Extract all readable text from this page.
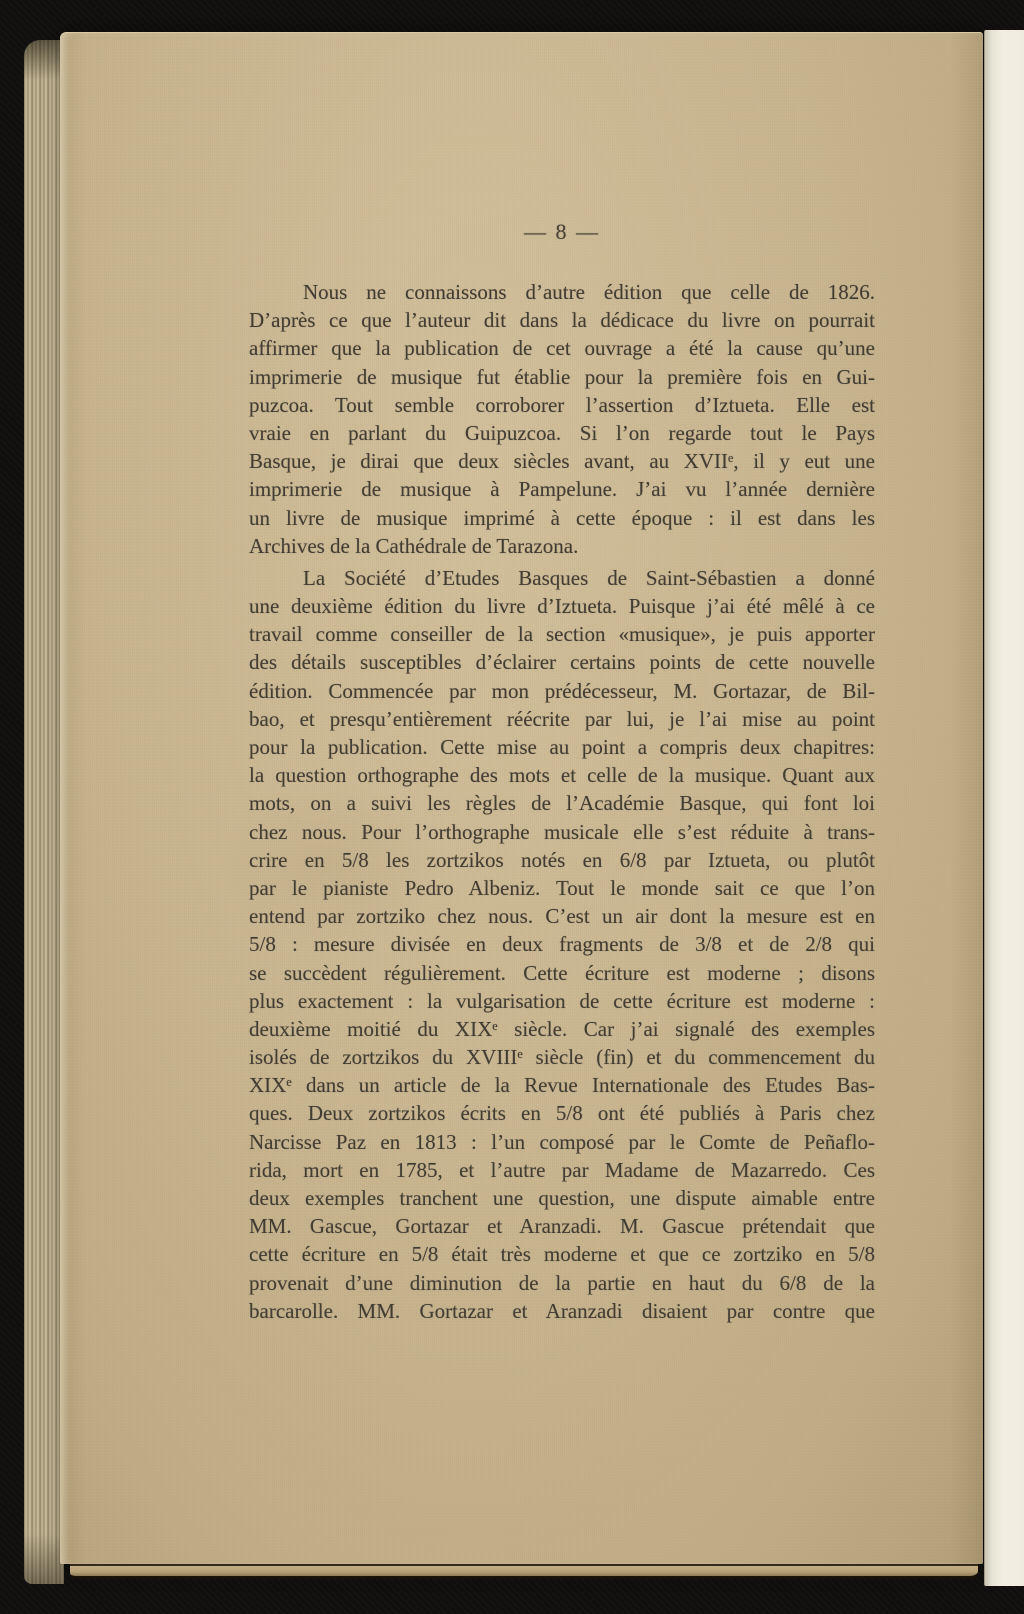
— 8 —
Nous ne connaissons d’autre édition que celle de 1826.
D’après ce que l’auteur dit dans la dédicace du livre on pourrait
affirmer que la publication de cet ouvrage a été la cause qu’une
imprimerie de musique fut établie pour la première fois en Gui-
puzcoa. Tout semble corroborer l’assertion d’Iztueta. Elle est
vraie en parlant du Guipuzcoa. Si l’on regarde tout le Pays
Basque, je dirai que deux siècles avant, au XVIIᵉ, il y eut une
imprimerie de musique à Pampelune. J’ai vu l’année dernière
un livre de musique imprimé à cette époque : il est dans les
Archives de la Cathédrale de Tarazona.
La Société d’Etudes Basques de Saint-Sébastien a donné
une deuxième édition du livre d’Iztueta. Puisque j’ai été mêlé à ce
travail comme conseiller de la section «musique», je puis apporter
des détails susceptibles d’éclairer certains points de cette nouvelle
édition. Commencée par mon prédécesseur, M. Gortazar, de Bil-
bao, et presqu’entièrement réécrite par lui, je l’ai mise au point
pour la publication. Cette mise au point a compris deux chapitres:
la question orthographe des mots et celle de la musique. Quant aux
mots, on a suivi les règles de l’Académie Basque, qui font loi
chez nous. Pour l’orthographe musicale elle s’est réduite à trans-
crire en 5/8 les zortzikos notés en 6/8 par Iztueta, ou plutôt
par le pianiste Pedro Albeniz. Tout le monde sait ce que l’on
entend par zortziko chez nous. C’est un air dont la mesure est en
5/8 : mesure divisée en deux fragments de 3/8 et de 2/8 qui
se succèdent régulièrement. Cette écriture est moderne ; disons
plus exactement : la vulgarisation de cette écriture est moderne :
deuxième moitié du XIXᵉ siècle. Car j’ai signalé des exemples
isolés de zortzikos du XVIIIᵉ siècle (fin) et du commencement du
XIXᵉ dans un article de la Revue Internationale des Etudes Bas-
ques. Deux zortzikos écrits en 5/8 ont été publiés à Paris chez
Narcisse Paz en 1813 : l’un composé par le Comte de Peñaflo-
rida, mort en 1785, et l’autre par Madame de Mazarredo. Ces
deux exemples tranchent une question, une dispute aimable entre
MM. Gascue, Gortazar et Aranzadi. M. Gascue prétendait que
cette écriture en 5/8 était très moderne et que ce zortziko en 5/8
provenait d’une diminution de la partie en haut du 6/8 de la
barcarolle. MM. Gortazar et Aranzadi disaient par contre que
